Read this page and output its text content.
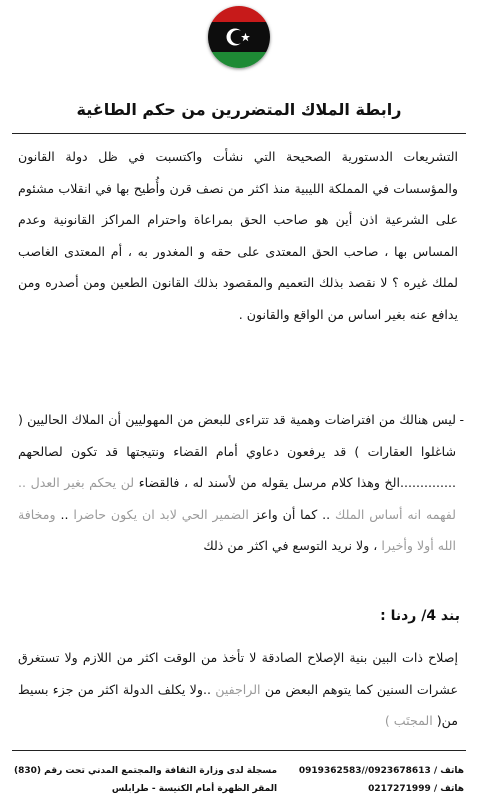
رابطة الملاك المتضررين من حكم الطاغية
التشريعات الدستورية الصحيحة التي نشأت واكتسبت في ظل دولة القانون والمؤسسات في المملكة الليبية منذ اكثر من نصف قرن وأُطيح بها في انقلاب مشئوم على الشرعية اذن أين هو صاحب الحق بمراعاة واحترام المراكز القانونية وعدم المساس بها ، صاحب الحق المعتدى على حقه و المغدور به ، أم المعتدى الغاصب لملك غيره ؟ لا نقصد بذلك التعميم والمقصود بذلك القانون الطعين ومن أصدره ومن يدافع عنه بغير اساس من الواقع والقانون .
-
ليس هنالك من افتراضات وهمية قد تتراءى للبعض من المهوليين أن الملاك الحاليين ( شاغلوا العقارات ) قد يرفعون دعاوي أمام القضاء ونتيجتها قد تكون لصالحهم ..............الخ وهذا كلام مرسل يقوله من لأسند له ، فالقضاء لن يحكم بغير العدل .. لفهمه انه أساس الملك .. كما أن واعز الضمير الحي لابد ان يكون حاضرا .. ومخافة الله أولا وأخيرا ، ولا نريد التوسع في اكثر من ذلك
بند 4/ ردنا :
إصلاح ذات البين بنية الإصلاح الصادقة لا تأخذ من الوقت اكثر من اللازم ولا تستغرق عشرات السنين كما يتوهم البعض من الراجفين ..ولا يكلف الدولة اكثر من جزء بسيط من( المجتَب )
هاتف / 0923678613//0919362583
هاتف / 0217271999
مسجلة لدى وزارة الثقافة والمجتمع المدني تحت رقم (830)
المقر الظهرة أمام الكنيسة - طرابلس
